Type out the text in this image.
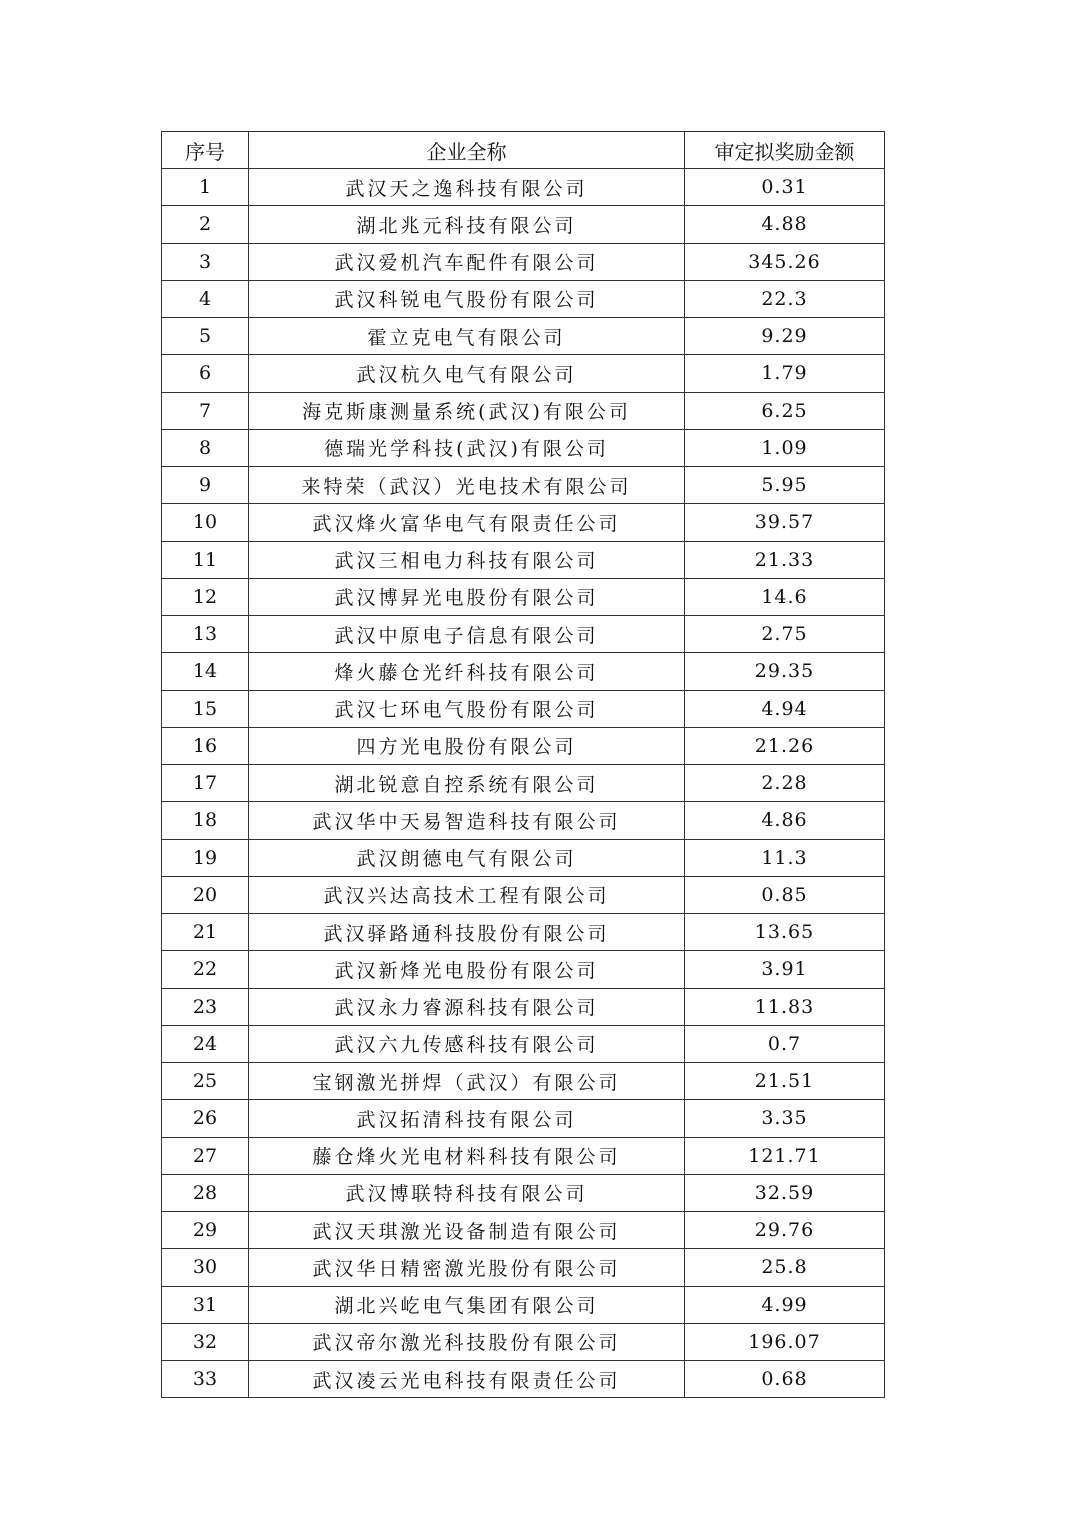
序号	企业全称	审定拟奖励金额
1	武汉天之逸科技有限公司	0.31
2	湖北兆元科技有限公司	4.88
3	武汉爱机汽车配件有限公司	345.26
4	武汉科锐电气股份有限公司	22.3
5	霍立克电气有限公司	9.29
6	武汉杭久电气有限公司	1.79
7	海克斯康测量系统(武汉)有限公司	6.25
8	德瑞光学科技(武汉)有限公司	1.09
9	来特荣（武汉）光电技术有限公司	5.95
10	武汉烽火富华电气有限责任公司	39.57
11	武汉三相电力科技有限公司	21.33
12	武汉博昇光电股份有限公司	14.6
13	武汉中原电子信息有限公司	2.75
14	烽火藤仓光纤科技有限公司	29.35
15	武汉七环电气股份有限公司	4.94
16	四方光电股份有限公司	21.26
17	湖北锐意自控系统有限公司	2.28
18	武汉华中天易智造科技有限公司	4.86
19	武汉朗德电气有限公司	11.3
20	武汉兴达高技术工程有限公司	0.85
21	武汉驿路通科技股份有限公司	13.65
22	武汉新烽光电股份有限公司	3.91
23	武汉永力睿源科技有限公司	11.83
24	武汉六九传感科技有限公司	0.7
25	宝钢激光拼焊（武汉）有限公司	21.51
26	武汉拓清科技有限公司	3.35
27	藤仓烽火光电材料科技有限公司	121.71
28	武汉博联特科技有限公司	32.59
29	武汉天琪激光设备制造有限公司	29.76
30	武汉华日精密激光股份有限公司	25.8
31	湖北兴屹电气集团有限公司	4.99
32	武汉帝尔激光科技股份有限公司	196.07
33	武汉凌云光电科技有限责任公司	0.68
